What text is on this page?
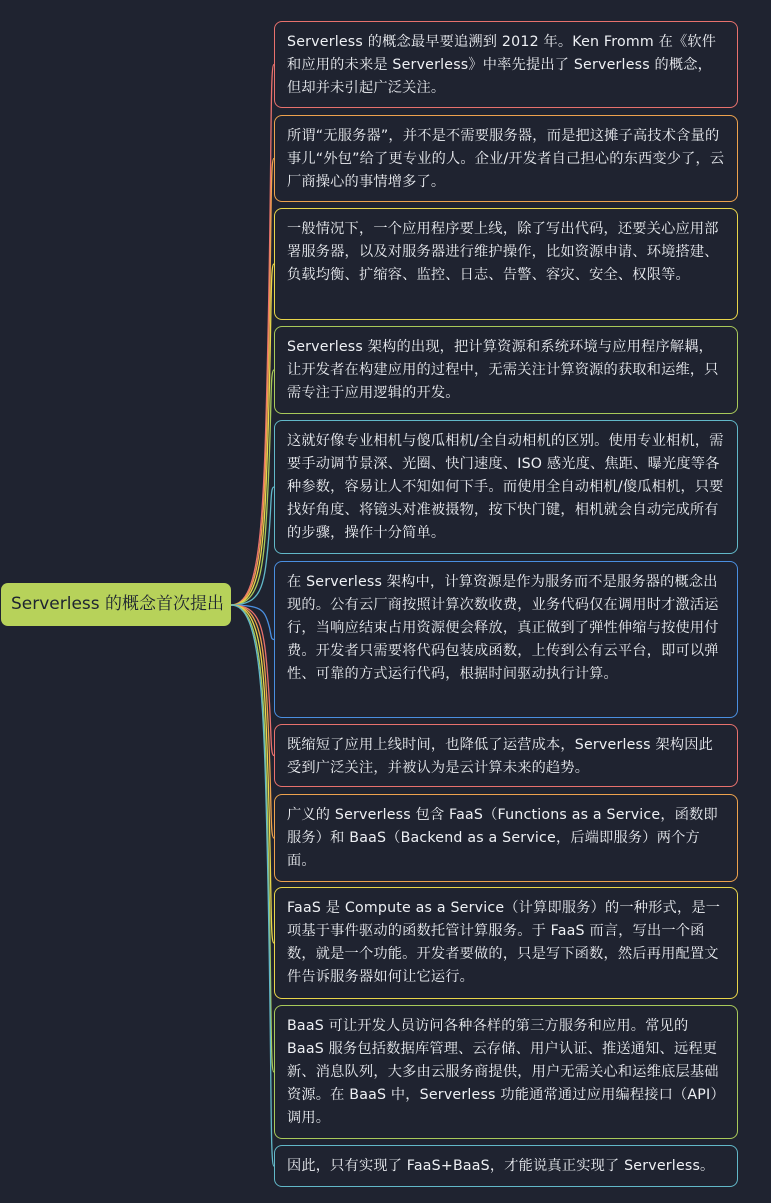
Serverless 的概念首次提出
Serverless 的概念最早要追溯到 2012 年。Ken Fromm 在《软件和应用的未来是 Serverless》中率先提出了 Serverless 的概念，但却并未引起广泛关注。
所谓“无服务器”，并不是不需要服务器，而是把这摊子高技术含量的事儿“外包”给了更专业的人。企业/开发者自己担心的东西变少了，云厂商操心的事情增多了。
一般情况下，一个应用程序要上线，除了写出代码，还要关心应用部署服务器，以及对服务器进行维护操作，比如资源申请、环境搭建、负载均衡、扩缩容、监控、日志、告警、容灾、安全、权限等。
Serverless 架构的出现，把计算资源和系统环境与应用程序解耦，让开发者在构建应用的过程中，无需关注计算资源的获取和运维，只需专注于应用逻辑的开发。
这就好像专业相机与傻瓜相机/全自动相机的区别。使用专业相机，需要手动调节景深、光圈、快门速度、ISO 感光度、焦距、曝光度等各种参数，容易让人不知如何下手。而使用全自动相机/傻瓜相机，只要找好角度、将镜头对准被摄物，按下快门键，相机就会自动完成所有的步骤，操作十分简单。
在 Serverless 架构中，计算资源是作为服务而不是服务器的概念出现的。公有云厂商按照计算次数收费，业务代码仅在调用时才激活运行，当响应结束占用资源便会释放，真正做到了弹性伸缩与按使用付费。开发者只需要将代码包装成函数，上传到公有云平台，即可以弹性、可靠的方式运行代码，根据时间驱动执行计算。
既缩短了应用上线时间，也降低了运营成本，Serverless 架构因此受到广泛关注，并被认为是云计算未来的趋势。
广义的 Serverless 包含 FaaS（Functions as a Service，函数即服务）和 BaaS（Backend as a Service，后端即服务）两个方面。
FaaS 是 Compute as a Service（计算即服务）的一种形式，是一项基于事件驱动的函数托管计算服务。于 FaaS 而言，写出一个函数，就是一个功能。开发者要做的，只是写下函数，然后再用配置文件告诉服务器如何让它运行。
BaaS 可让开发人员访问各种各样的第三方服务和应用。常见的 BaaS 服务包括数据库管理、云存储、用户认证、推送通知、远程更新、消息队列，大多由云服务商提供，用户无需关心和运维底层基础资源。在 BaaS 中，Serverless 功能通常通过应用编程接口（API）调用。
因此，只有实现了 FaaS+BaaS，才能说真正实现了 Serverless。
